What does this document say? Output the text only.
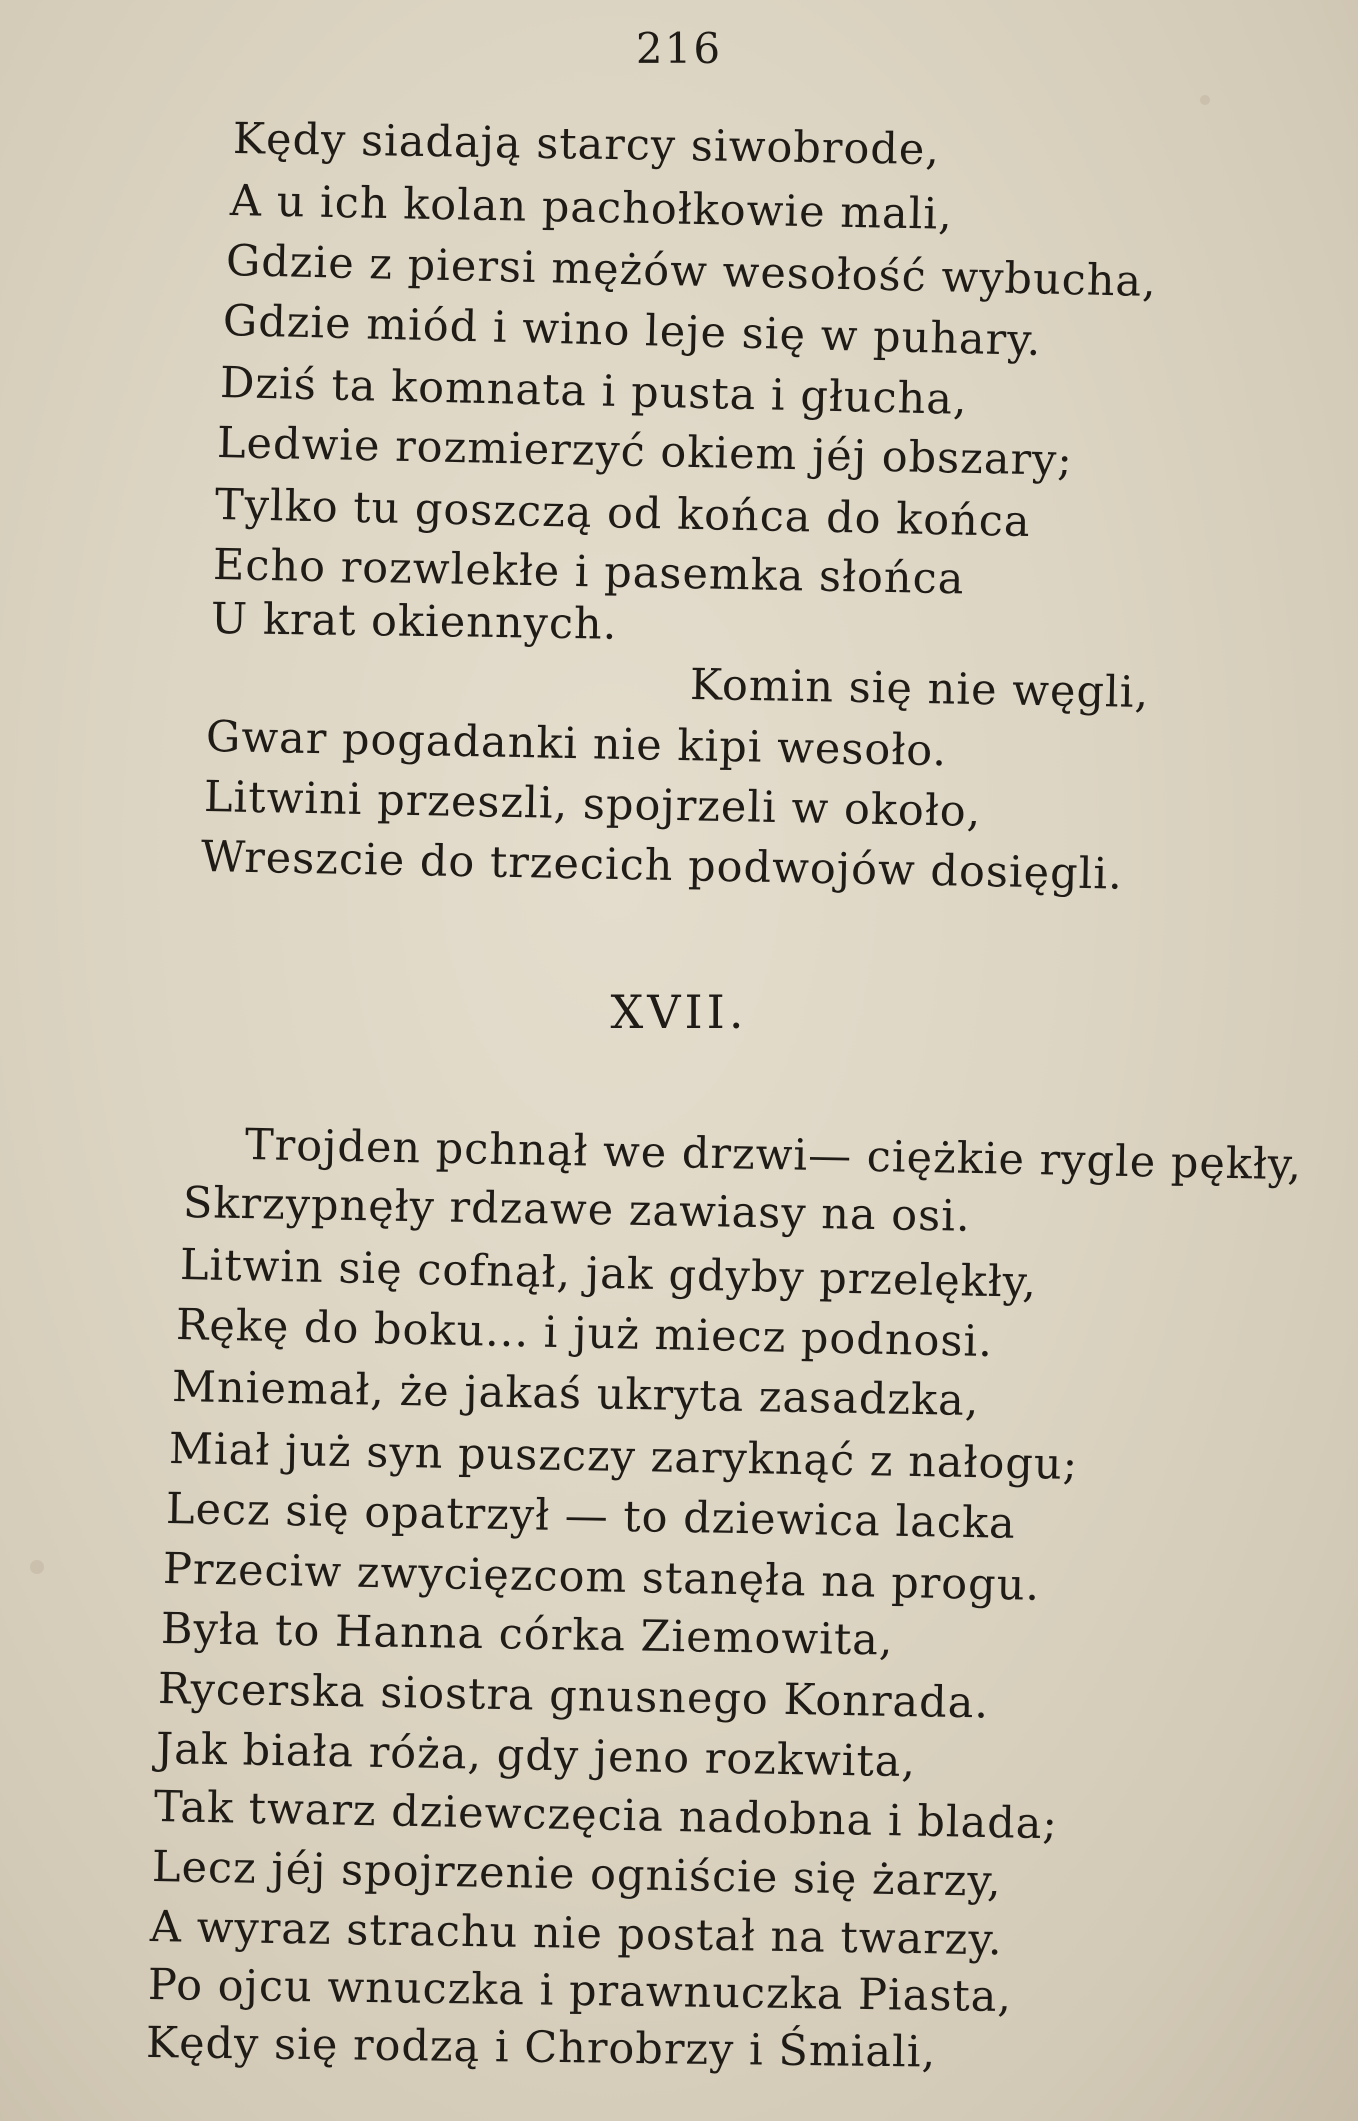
216
Kędy siadają starcy siwobrode,
A u ich kolan pachołkowie mali,
Gdzie z piersi mężów wesołość wybucha,
Gdzie miód i wino leje się w puhary.
Dziś ta komnata i pusta i głucha,
Ledwie rozmierzyć okiem jéj obszary;
Tylko tu goszczą od końca do końca
Echo rozwlekłe i pasemka słońca
U krat okiennych.
Komin się nie węgli,
Gwar pogadanki nie kipi wesoło.
Litwini przeszli, spojrzeli w około,
Wreszcie do trzecich podwojów dosięgli.
XVII.
Trojden pchnął we drzwi— ciężkie rygle pękły,
Skrzypnęły rdzawe zawiasy na osi.
Litwin się cofnął, jak gdyby przelękły,
Rękę do boku... i już miecz podnosi.
Mniemał, że jakaś ukryta zasadzka,
Miał już syn puszczy zaryknąć z nałogu;
Lecz się opatrzył — to dziewica lacka
Przeciw zwycięzcom stanęła na progu.
Była to Hanna córka Ziemowita,
Rycerska siostra gnusnego Konrada.
Jak biała róża, gdy jeno rozkwita,
Tak twarz dziewczęcia nadobna i blada;
Lecz jéj spojrzenie ogniście się żarzy,
A wyraz strachu nie postał na twarzy.
Po ojcu wnuczka i prawnuczka Piasta,
Kędy się rodzą i Chrobrzy i Śmiali,
